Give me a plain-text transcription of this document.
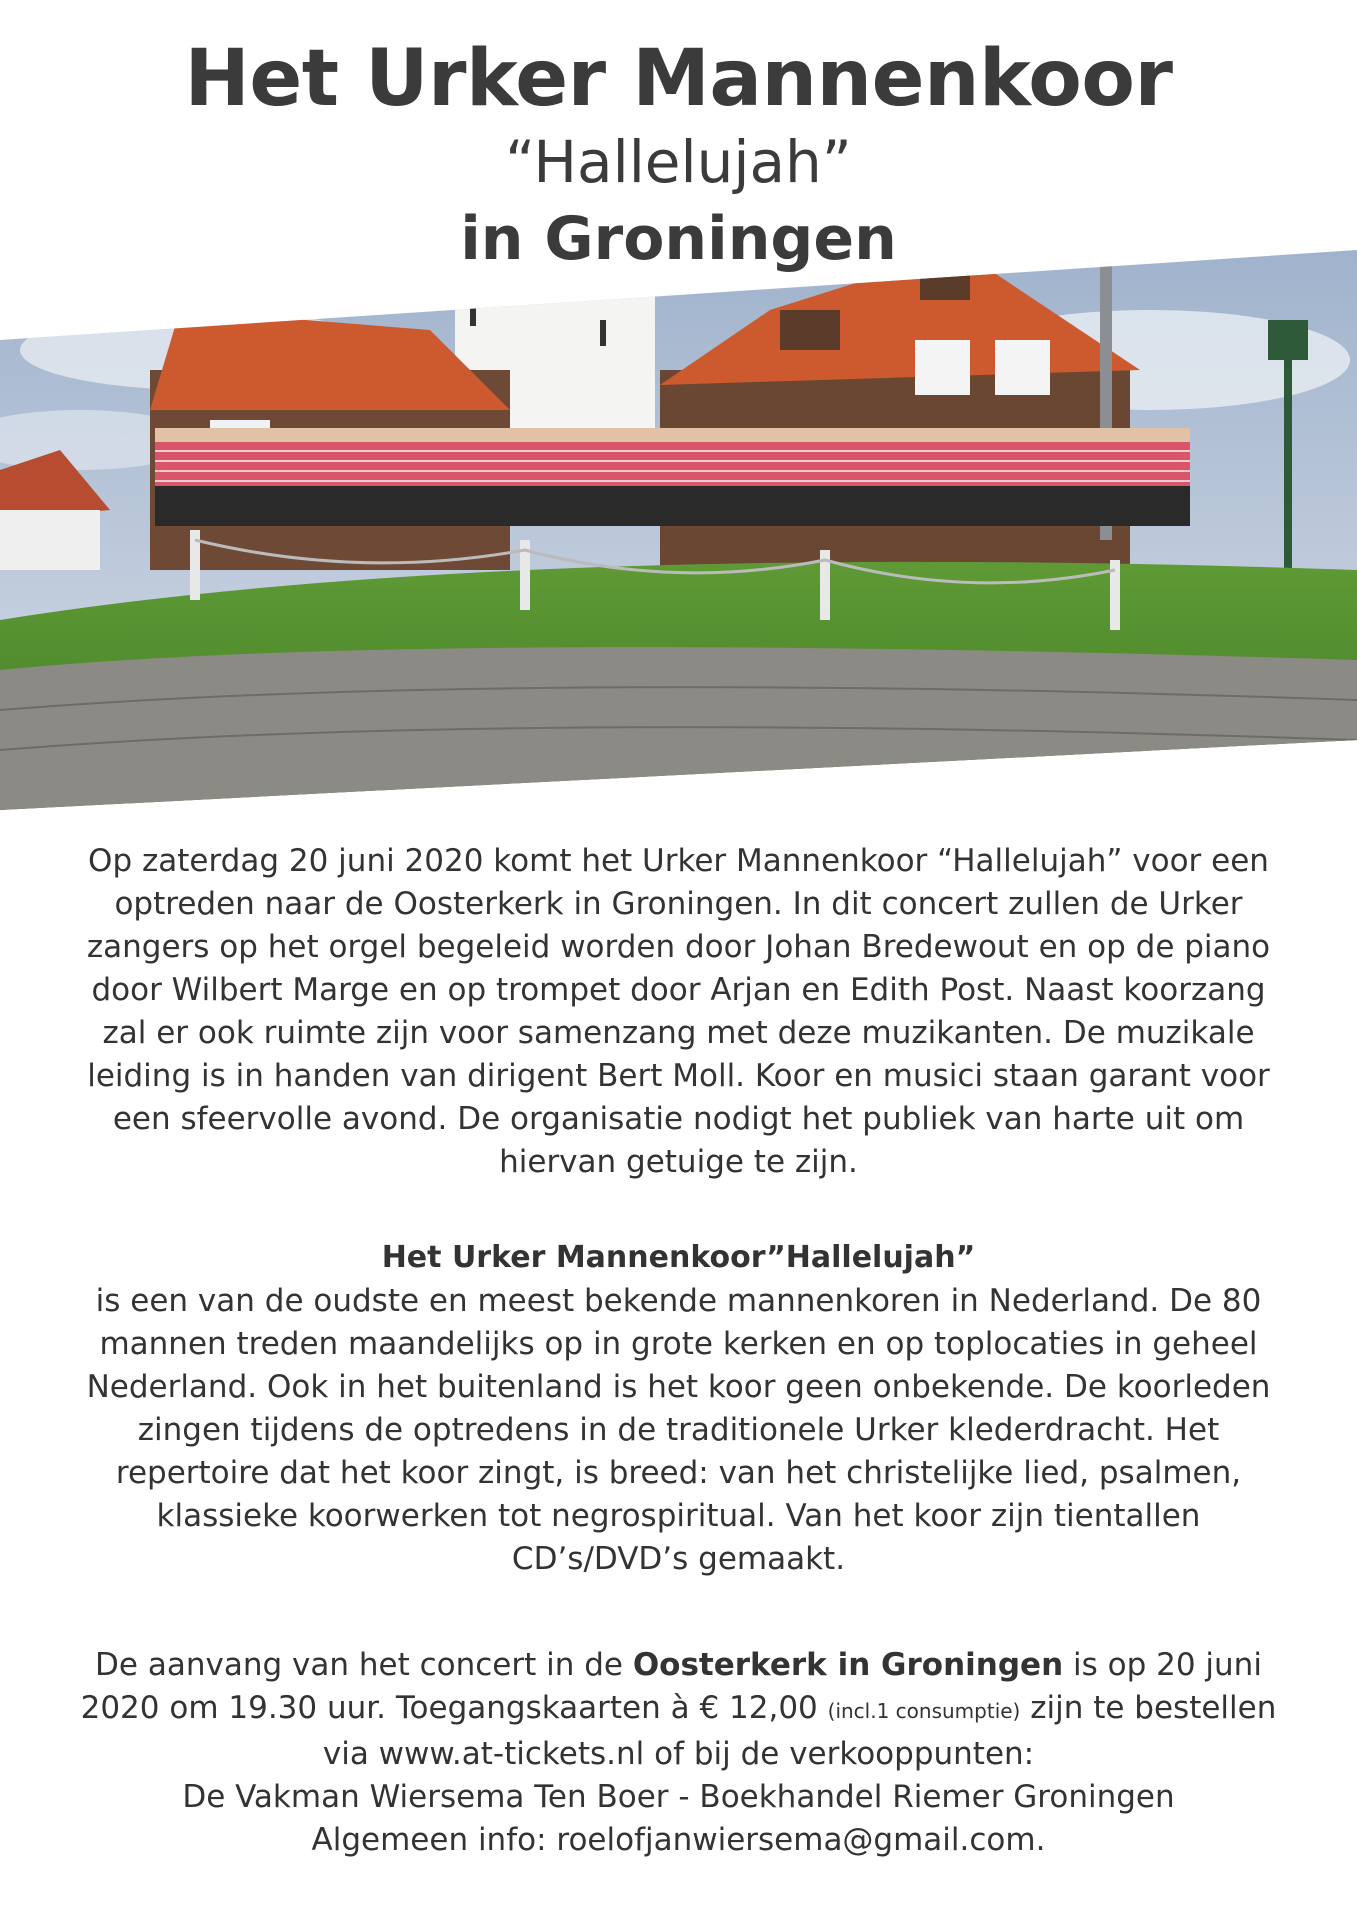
Het Urker Mannenkoor
“Hallelujah”
in Groningen
Op zaterdag 20 juni 2020 komt het Urker Mannenkoor “Hallelujah” voor een optreden naar de Oosterkerk in Groningen. In dit concert zullen de Urker zangers op het orgel begeleid worden door Johan Bredewout en op de piano door Wilbert Marge en op trompet door Arjan en Edith Post. Naast koorzang zal er ook ruimte zijn voor samenzang met deze muzikanten. De muzikale leiding is in handen van dirigent Bert Moll. Koor en musici staan garant voor een sfeervolle avond. De organisatie nodigt het publiek van harte uit om hiervan getuige te zijn.
Het Urker Mannenkoor”Hallelujah”
is een van de oudste en meest bekende mannenkoren in Nederland. De 80 mannen treden maandelijks op in grote kerken en op toplocaties in geheel Nederland. Ook in het buitenland is het koor geen onbekende. De koorleden zingen tijdens de optredens in de traditionele Urker klederdracht. Het repertoire dat het koor zingt, is breed: van het christelijke lied, psalmen, klassieke koorwerken tot negrospiritual. Van het koor zijn tientallen CD’s/DVD’s gemaakt.
De aanvang van het concert in de Oosterkerk in Groningen is op 20 juni 2020 om 19.30 uur. Toegangskaarten à € 12,00 (incl.1 consumptie) zijn te bestellen via www.at-tickets.nl of bij de verkooppunten:
De Vakman Wiersema Ten Boer - Boekhandel Riemer Groningen
Algemeen info: roelofjanwiersema@gmail.com.
